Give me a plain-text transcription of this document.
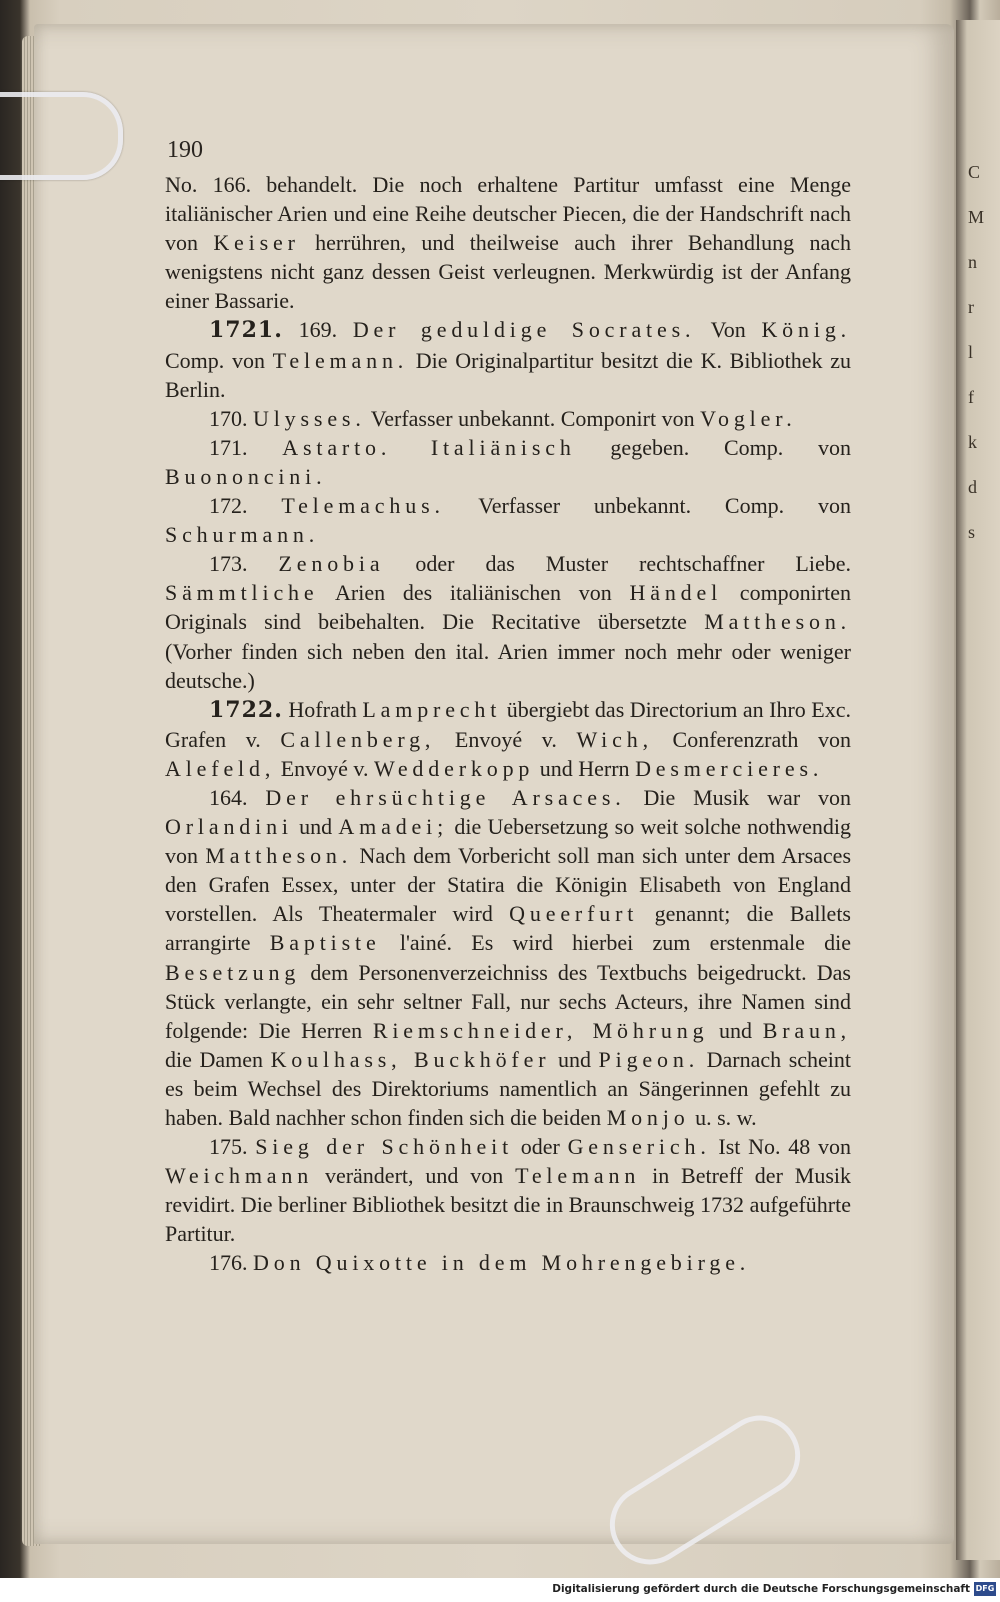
C
M
n
r
l
f
k
d
s
190

No. 166. behandelt. Die noch erhaltene Partitur umfasst eine Menge italiänischer Arien und eine Reihe deutscher Piecen, die der Handschrift nach von Keiser herrühren, und theilweise auch ihrer Behandlung nach wenigstens nicht ganz dessen Geist verleugnen. Merkwürdig ist der Anfang einer Bassarie.

1721. 169. Der geduldige Socrates. Von König. Comp. von Telemann. Die Originalpartitur besitzt die K. Bibliothek zu Berlin.

170. Ulysses. Verfasser unbekannt. Componirt von Vogler.

171. Astarto. Italiänisch gegeben. Comp. von Buononcini.

172. Telemachus. Verfasser unbekannt. Comp. von Schurmann.

173. Zenobia oder das Muster rechtschaffner Liebe. Sämmtliche Arien des italiänischen von Händel componirten Originals sind beibehalten. Die Recitative übersetzte Mattheson. (Vorher finden sich neben den ital. Arien immer noch mehr oder weniger deutsche.)

1722. Hofrath Lamprecht übergiebt das Directorium an Ihro Exc. Grafen v. Callenberg, Envoyé v. Wich, Conferenzrath von Alefeld, Envoyé v. Wedderkopp und Herrn Desmercieres.

164. Der ehrsüchtige Arsaces. Die Musik war von Orlandini und Amadei; die Uebersetzung so weit solche nothwendig von Mattheson. Nach dem Vorbericht soll man sich unter dem Arsaces den Grafen Essex, unter der Statira die Königin Elisabeth von England vorstellen. Als Theatermaler wird Queerfurt genannt; die Ballets arrangirte Baptiste l'ainé. Es wird hierbei zum erstenmale die Besetzung dem Personenverzeichniss des Textbuchs beigedruckt. Das Stück verlangte, ein sehr seltner Fall, nur sechs Acteurs, ihre Namen sind folgende: Die Herren Riemschneider, Möhrung und Braun, die Damen Koulhass, Buckhöfer und Pigeon. Darnach scheint es beim Wechsel des Direktoriums namentlich an Sängerinnen gefehlt zu haben. Bald nachher schon finden sich die beiden Monjo u. s. w.

175. Sieg der Schönheit oder Genserich. Ist No. 48 von Weichmann verändert, und von Telemann in Betreff der Musik revidirt. Die berliner Bibliothek besitzt die in Braunschweig 1732 aufgeführte Partitur.

176. Don Quixotte in dem Mohrengebirge.

Digitalisierung gefördert durch die Deutsche Forschungsgemeinschaft DFG
